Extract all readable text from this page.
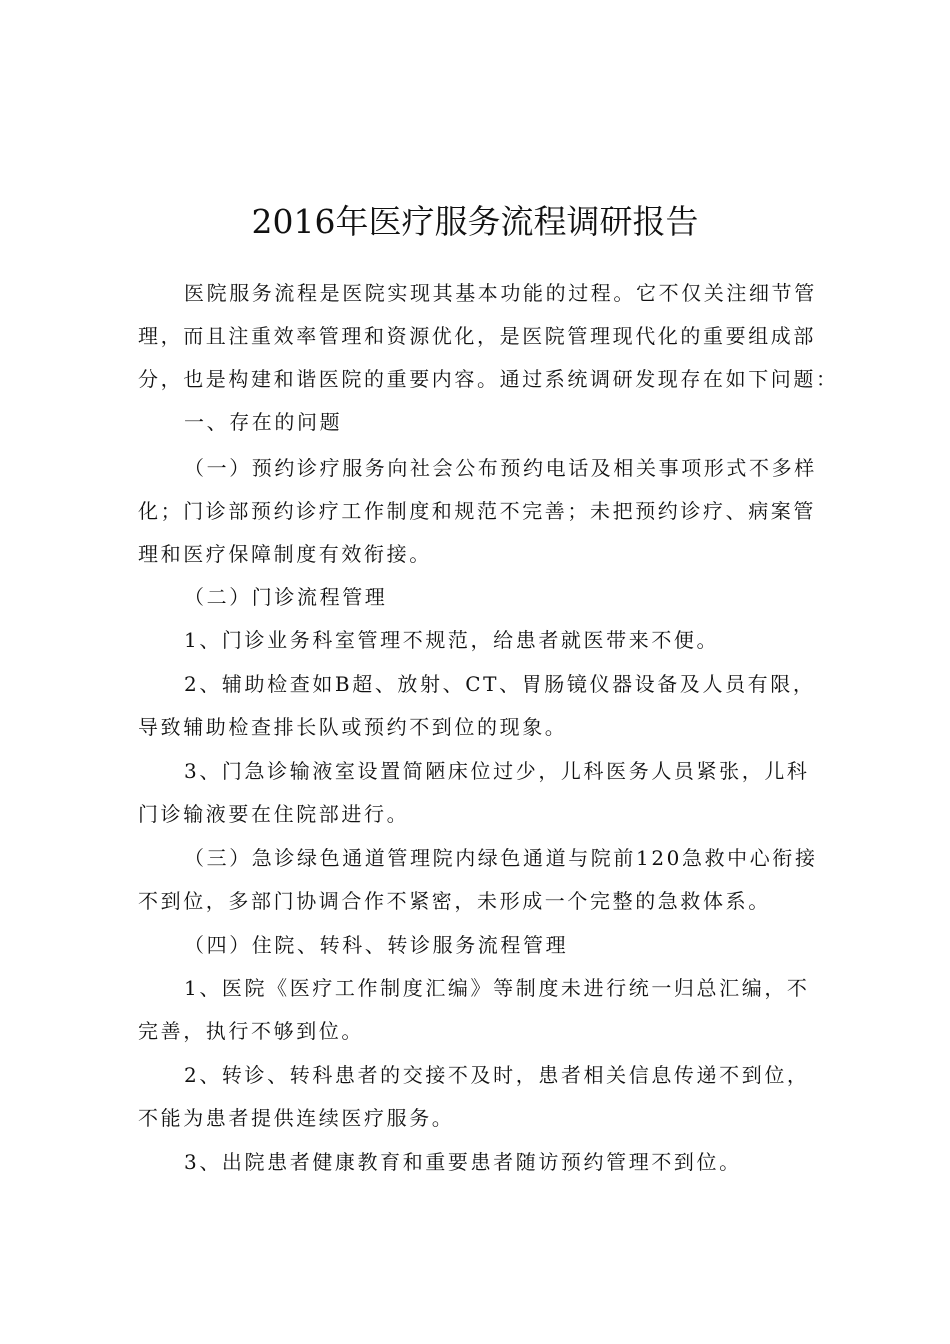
2016年医疗服务流程调研报告
医院服务流程是医院实现其基本功能的过程。它不仅关注细节管
理，而且注重效率管理和资源优化，是医院管理现代化的重要组成部
分，也是构建和谐医院的重要内容。通过系统调研发现存在如下问题：
一、存在的问题
（一）预约诊疗服务向社会公布预约电话及相关事项形式不多样
化；门诊部预约诊疗工作制度和规范不完善；未把预约诊疗、病案管
理和医疗保障制度有效衔接。
（二）门诊流程管理
1、门诊业务科室管理不规范，给患者就医带来不便。
2、辅助检查如B超、放射、CT、胃肠镜仪器设备及人员有限，
导致辅助检查排长队或预约不到位的现象。
3、门急诊输液室设置简陋床位过少，儿科医务人员紧张，儿科
门诊输液要在住院部进行。
（三）急诊绿色通道管理院内绿色通道与院前120急救中心衔接
不到位，多部门协调合作不紧密，未形成一个完整的急救体系。
（四）住院、转科、转诊服务流程管理
1、医院《医疗工作制度汇编》等制度未进行统一归总汇编，不
完善，执行不够到位。
2、转诊、转科患者的交接不及时，患者相关信息传递不到位，
不能为患者提供连续医疗服务。
3、出院患者健康教育和重要患者随访预约管理不到位。
